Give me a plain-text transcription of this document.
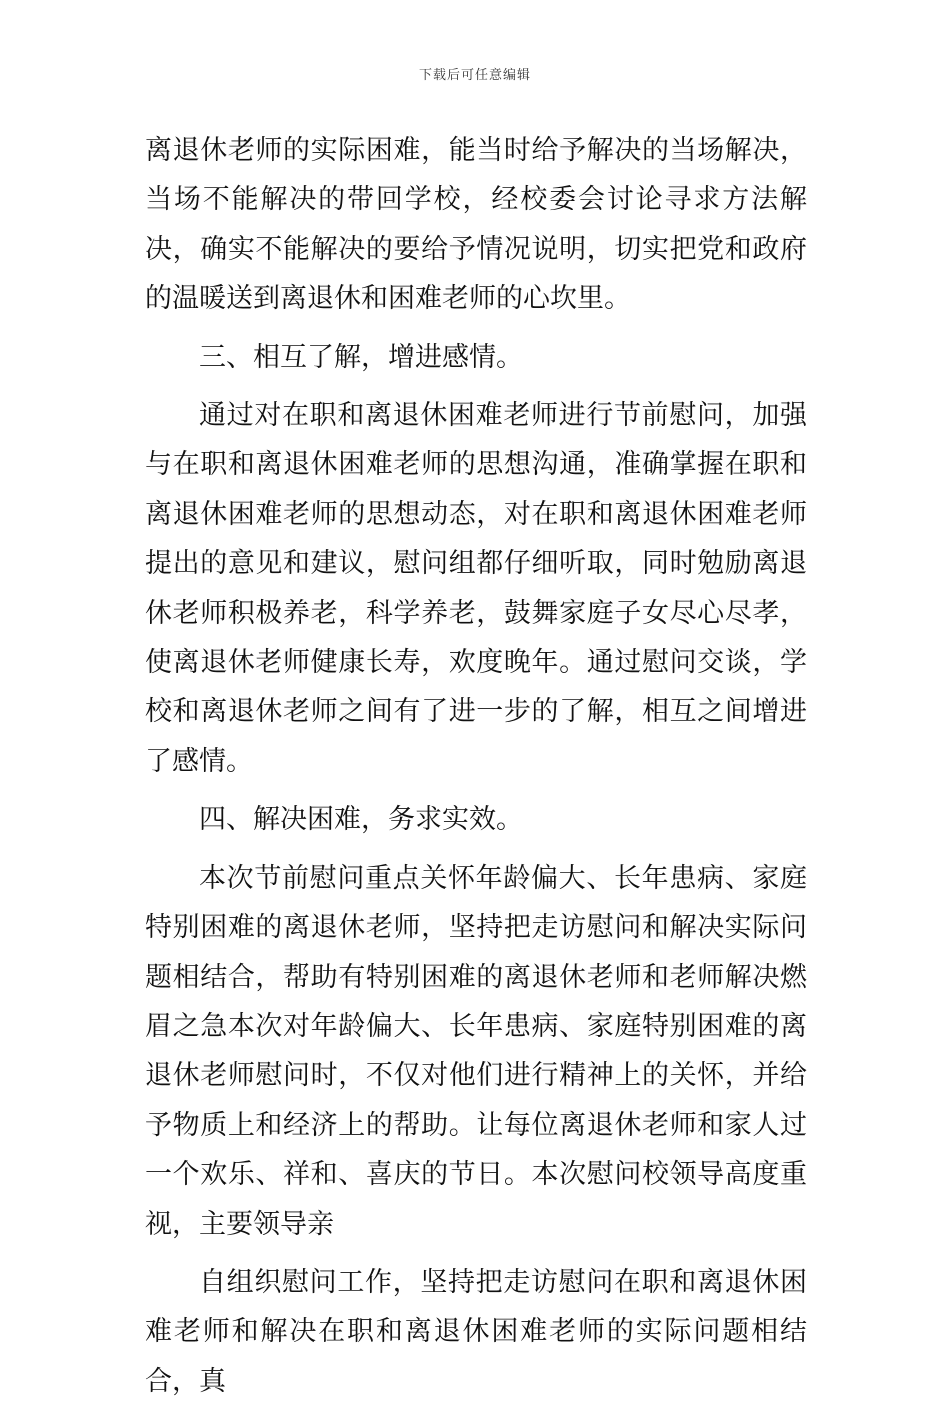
下载后可任意编辑

离退休老师的实际困难，能当时给予解决的当场解决，当场不能解决的带回学校，经校委会讨论寻求方法解决，确实不能解决的要给予情况说明，切实把党和政府的温暖送到离退休和困难老师的心坎里。

三、相互了解，增进感情。

通过对在职和离退休困难老师进行节前慰问，加强与在职和离退休困难老师的思想沟通，准确掌握在职和离退休困难老师的思想动态，对在职和离退休困难老师提出的意见和建议，慰问组都仔细听取，同时勉励离退休老师积极养老，科学养老，鼓舞家庭子女尽心尽孝，使离退休老师健康长寿，欢度晚年。通过慰问交谈，学校和离退休老师之间有了进一步的了解，相互之间增进了感情。

四、解决困难，务求实效。

本次节前慰问重点关怀年龄偏大、长年患病、家庭特别困难的离退休老师，坚持把走访慰问和解决实际问题相结合，帮助有特别困难的离退休老师和老师解决燃眉之急本次对年龄偏大、长年患病、家庭特别困难的离退休老师慰问时，不仅对他们进行精神上的关怀，并给予物质上和经济上的帮助。让每位离退休老师和家人过一个欢乐、祥和、喜庆的节日。本次慰问校领导高度重视，主要领导亲

自组织慰问工作，坚持把走访慰问在职和离退休困难老师和解决在职和离退休困难老师的实际问题相结合，真
